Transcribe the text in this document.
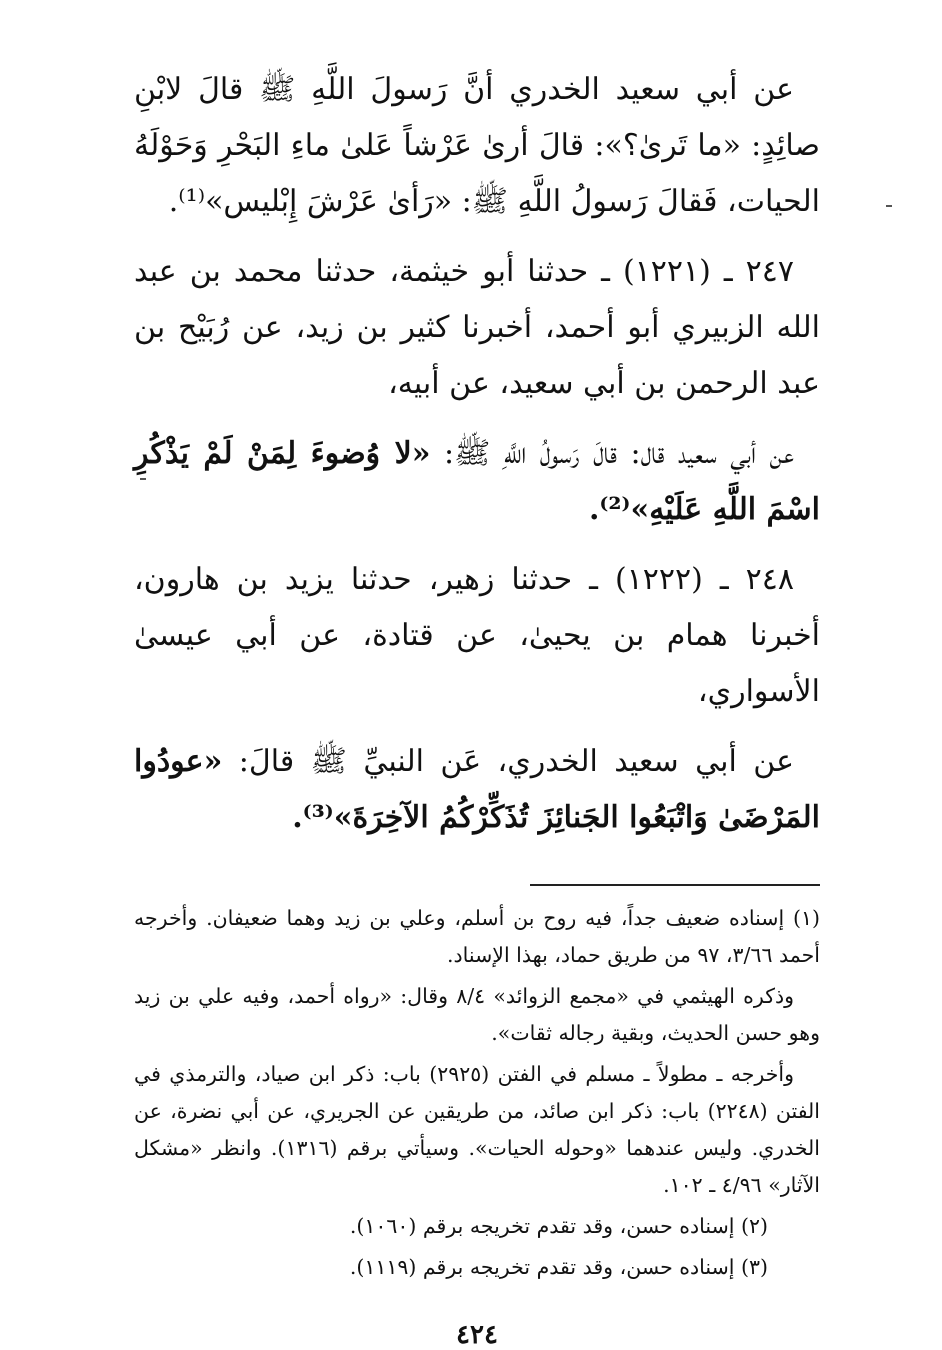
عن أبي سعيد الخدري أنَّ رَسولَ اللَّهِ ﷺ قالَ لابْنِ صائِدٍ: «ما تَرىٰ؟»: قالَ أرىٰ عَرْشاً عَلىٰ ماءِ البَحْرِ وَحَوْلَهُ الحيات، فَقالَ رَسولُ اللَّهِ ﷺ: «رَأىٰ عَرْشَ إِبْليس»⁽¹⁾.

٢٤٧ ـ (١٢٢١) ـ حدثنا أبو خيثمة، حدثنا محمد بن عبد الله الزبيري أبو أحمد، أخبرنا كثير بن زيد، عن رُبَيْح بن عبد الرحمن بن أبي سعيد، عن أبيه،

عن أبي سعيد قال: قالَ رَسولُ اللَّهِ ﷺ: «لا وُضوءَ لِمَنْ لَمْ يَذْكُرِ اسْمَ اللَّهِ عَلَيْهِ»⁽²⁾.

٢٤٨ ـ (١٢٢٢) ـ حدثنا زهير، حدثنا يزيد بن هارون، أخبرنا همام بن يحيىٰ، عن قتادة، عن أبي عيسىٰ الأسواري،

عن أبي سعيد الخدري، عَن النبيِّ ﷺ قالَ: «عودُوا المَرْضَىٰ وَاتْبَعُوا الجَنائِزَ تُذَكِّرْكُمُ الآخِرَةَ»⁽³⁾.

(١) إسناده ضعيف جداً، فيه روح بن أسلم، وعلي بن زيد وهما ضعيفان. وأخرجه أحمد ٣/٦٦، ٩٧ من طريق حماد، بهذا الإسناد.

وذكره الهيثمي في «مجمع الزوائد» ٨/٤ وقال: «رواه أحمد، وفيه علي بن زيد وهو حسن الحديث، وبقية رجاله ثقات».

وأخرجه ـ مطولاً ـ مسلم في الفتن (٢٩٢٥) باب: ذكر ابن صياد، والترمذي في الفتن (٢٢٤٨) باب: ذكر ابن صائد، من طريقين عن الجريري، عن أبي نضرة، عن الخدري. وليس عندهما «وحوله الحيات». وسيأتي برقم (١٣١٦). وانظر «مشكل الآثار» ٤/٩٦ ـ ١٠٢.

(٢) إسناده حسن، وقد تقدم تخريجه برقم (١٠٦٠).

(٣) إسناده حسن، وقد تقدم تخريجه برقم (١١١٩).

٤٢٤
